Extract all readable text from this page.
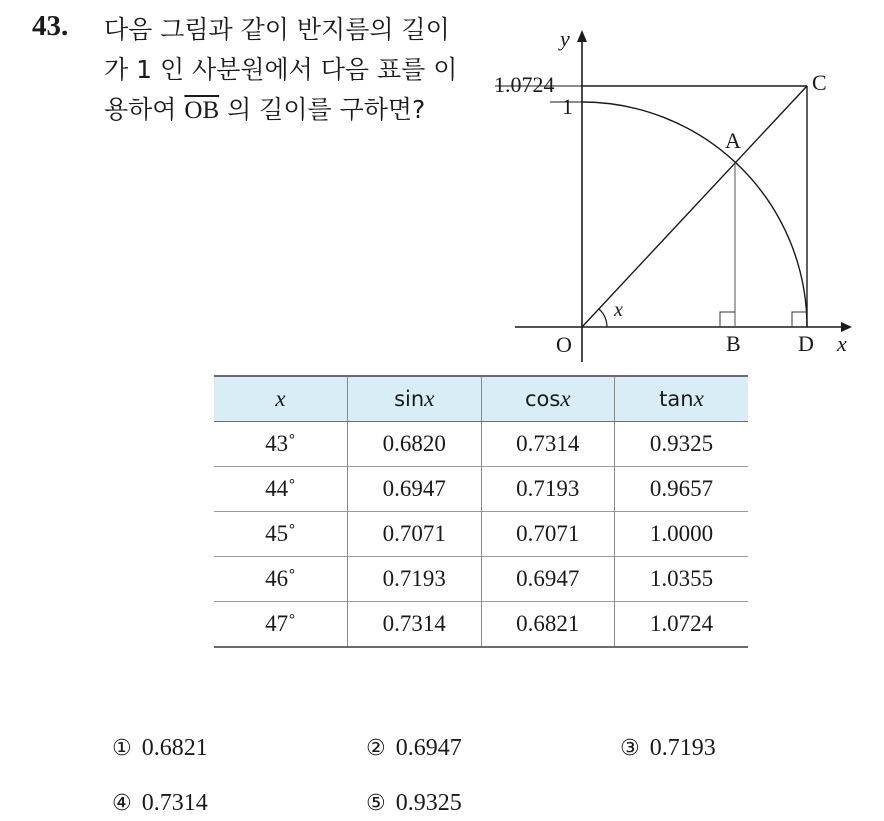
43. 다음 그림과 같이 반지름의 길이
가 1 인 사분원에서 다음 표를 이
용하여 $\overline{OB}$ 의 길이를 구하면?
1.0724
1
y
x
O
A
B
C
D
x
x	sinx	cosx	tanx
43˚	0.6820	0.7314	0.9325
44˚	0.6947	0.7193	0.9657
45˚	0.7071	0.7071	1.0000
46˚	0.7193	0.6947	1.0355
47˚	0.7314	0.6821	1.0724
① 0.6821	② 0.6947	③ 0.7193
④ 0.7314	⑤ 0.9325
